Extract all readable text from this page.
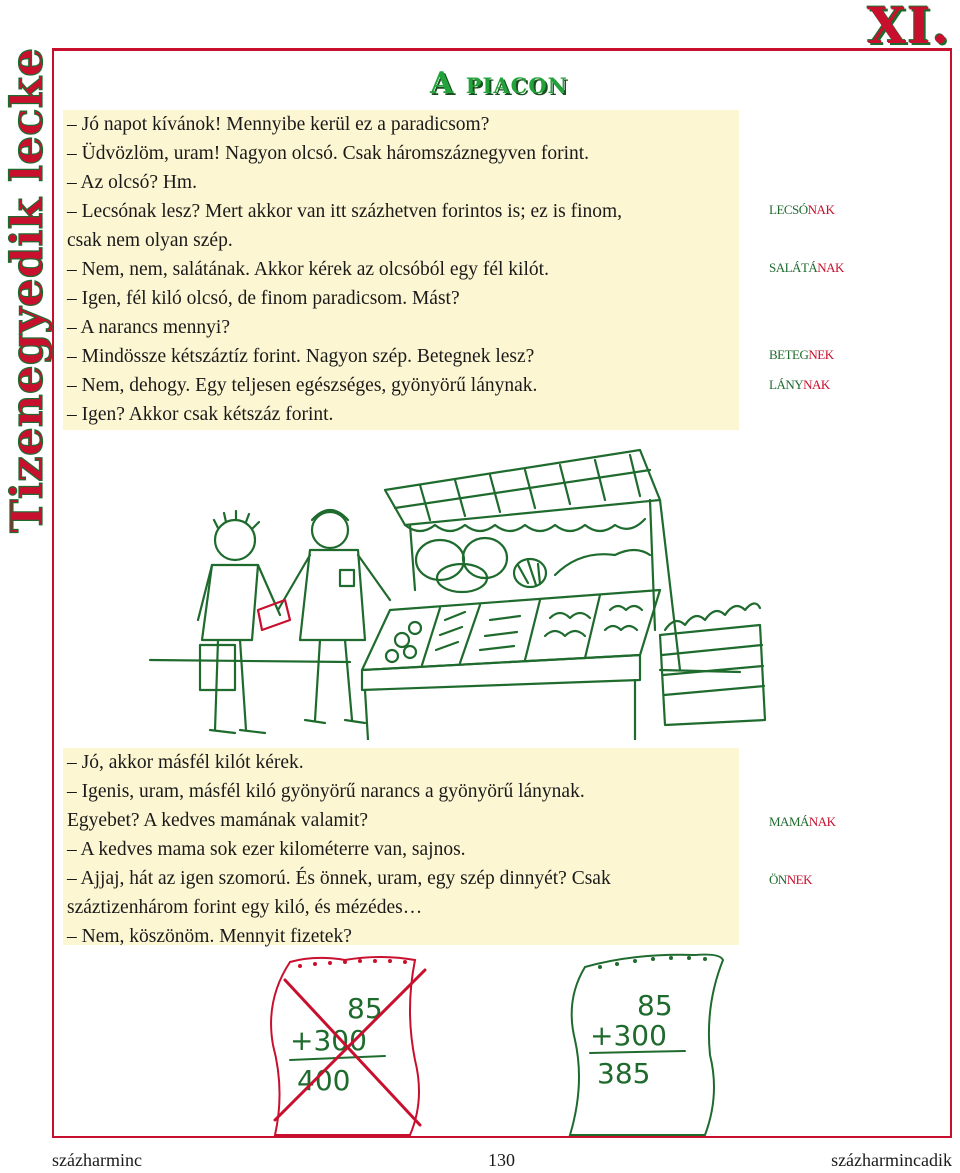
XI.
Tizenegyedik lecke	A piacon
– Jó napot kívánok! Mennyibe kerül ez a paradicsom?
– Üdvözlöm, uram! Nagyon olcsó. Csak háromszáznegyven forint.
– Az olcsó? Hm.
– Lecsónak lesz? Mert akkor van itt százhetven forintos is; ez is finom,
csak nem olyan szép.
– Nem, nem, salátának. Akkor kérek az olcsóból egy fél kilót.
– Igen, fél kiló olcsó, de finom paradicsom. Mást?
– A narancs mennyi?
– Mindössze kétszáztíz forint. Nagyon szép. Betegnek lesz?
– Nem, dehogy. Egy teljesen egészséges, gyönyörű lánynak.
– Igen? Akkor csak kétszáz forint.
LECSÓNAK
SALÁTÁNAK
BETEGNEK
LÁNYNAK
MAMÁNAK
ÖNNEK
– Jó, akkor másfél kilót kérek.
– Igenis, uram, másfél kiló gyönyörű narancs a gyönyörű lánynak.
Egyebet? A kedves mamának valamit?
– A kedves mama sok ezer kilométerre van, sajnos.
– Ajjaj, hát az igen szomorú. És önnek, uram, egy szép dinnyét? Csak
száztizenhárom forint egy kiló, és mézédes…
– Nem, köszönöm. Mennyit fizetek?
85
+300
400
85
+300
385
százharminc	130	százharmincadik
